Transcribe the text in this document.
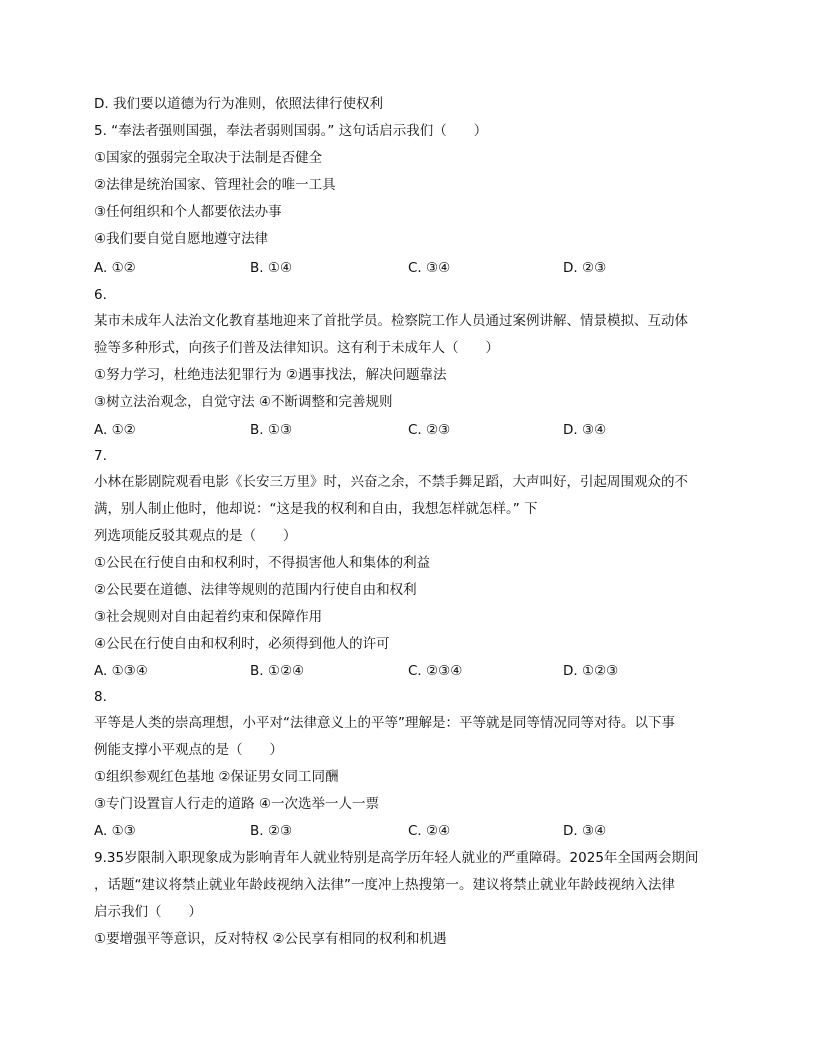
D. 我们要以道德为行为准则，依照法律行使权利
5. “奉法者强则国强，奉法者弱则国弱。” 这句话启示我们（　　）
①国家的强弱完全取决于法制是否健全
②法律是统治国家、管理社会的唯一工具
③任何组织和个人都要依法办事
④我们要自觉自愿地遵守法律
A. ①②	B. ①④	C. ③④	D. ②③
6.
某市未成年人法治文化教育基地迎来了首批学员。检察院工作人员通过案例讲解、情景模拟、互动体
验等多种形式，向孩子们普及法律知识。这有利于未成年人（　　）
①努力学习，杜绝违法犯罪行为 ②遇事找法，解决问题靠法
③树立法治观念，自觉守法 ④不断调整和完善规则
A. ①②	B. ①③	C. ②③	D. ③④
7.
小林在影剧院观看电影《长安三万里》时，兴奋之余，不禁手舞足蹈，大声叫好，引起周围观众的不
满，别人制止他时，他却说：“这是我的权利和自由，我想怎样就怎样。” 下
列选项能反驳其观点的是（　　）
①公民在行使自由和权利时，不得损害他人和集体的利益
②公民要在道德、法律等规则的范围内行使自由和权利
③社会规则对自由起着约束和保障作用
④公民在行使自由和权利时，必须得到他人的许可
A. ①③④	B. ①②④	C. ②③④	D. ①②③
8.
平等是人类的崇高理想，小平对“法律意义上的平等”理解是：平等就是同等情况同等对待。以下事
例能支撑小平观点的是（　　）
①组织参观红色基地 ②保证男女同工同酬
③专门设置盲人行走的道路 ④一次选举一人一票
A. ①③	B. ②③	C. ②④	D. ③④
9.35岁限制入职现象成为影响青年人就业特别是高学历年轻人就业的严重障碍。2025年全国两会期间
，话题“建议将禁止就业年龄歧视纳入法律”一度冲上热搜第一。建议将禁止就业年龄歧视纳入法律
启示我们（　　）
①要增强平等意识，反对特权 ②公民享有相同的权利和机遇
